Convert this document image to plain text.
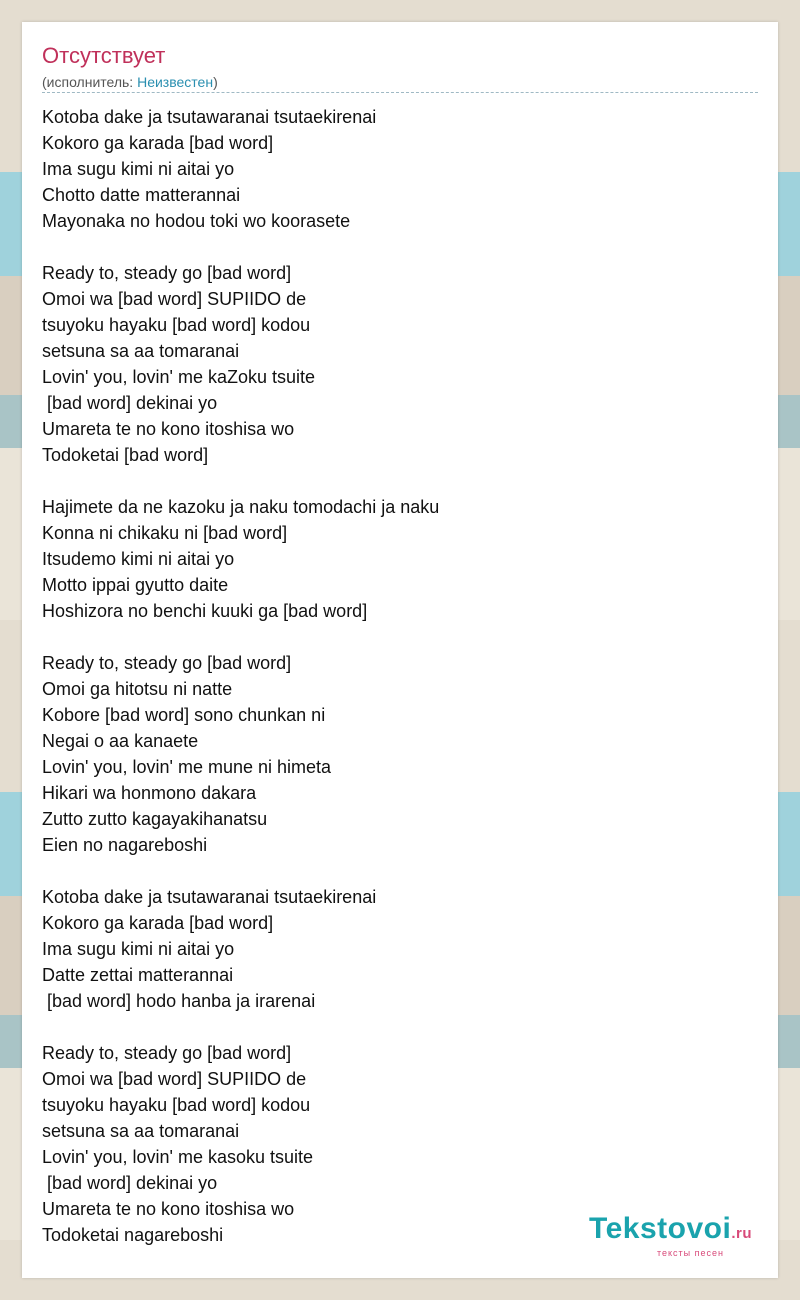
Отсутствует
(исполнитель: Неизвестен)
Kotoba dake ja tsutawaranai tsutaekirenai
Kokoro ga karada [bad word]
Ima sugu kimi ni aitai yo
Chotto datte matterannai
Mayonaka no hodou toki wo koorasete
Ready to, steady go [bad word]
Omoi wa [bad word] SUPIIDO de
tsuyoku hayaku [bad word] kodou
setsuna sa aa tomaranai
Lovin' you, lovin' me kaZoku tsuite
[bad word] dekinai yo
Umareta te no kono itoshisa wo
Todoketai [bad word]
Hajimete da ne kazoku ja naku tomodachi ja naku
Konna ni chikaku ni [bad word]
Itsudemo kimi ni aitai yo
Motto ippai gyutto daite
Hoshizora no benchi kuuki ga [bad word]
Ready to, steady go [bad word]
Omoi ga hitotsu ni natte
Kobore [bad word] sono chunkan ni
Negai o aa kanaete
Lovin' you, lovin' me mune ni himeta
Hikari wa honmono dakara
Zutto zutto kagayakihanatsu
Eien no nagareboshi
Kotoba dake ja tsutawaranai tsutaekirenai
Kokoro ga karada [bad word]
Ima sugu kimi ni aitai yo
Datte zettai matterannai
[bad word] hodo hanba ja irarenai
Ready to, steady go [bad word]
Omoi wa [bad word] SUPIIDO de
tsuyoku hayaku [bad word] kodou
setsuna sa aa tomaranai
Lovin' you, lovin' me kasoku tsuite
[bad word] dekinai yo
Umareta te no kono itoshisa wo
Todoketai nagareboshi	Tekstovoi.ru
тексты песен
